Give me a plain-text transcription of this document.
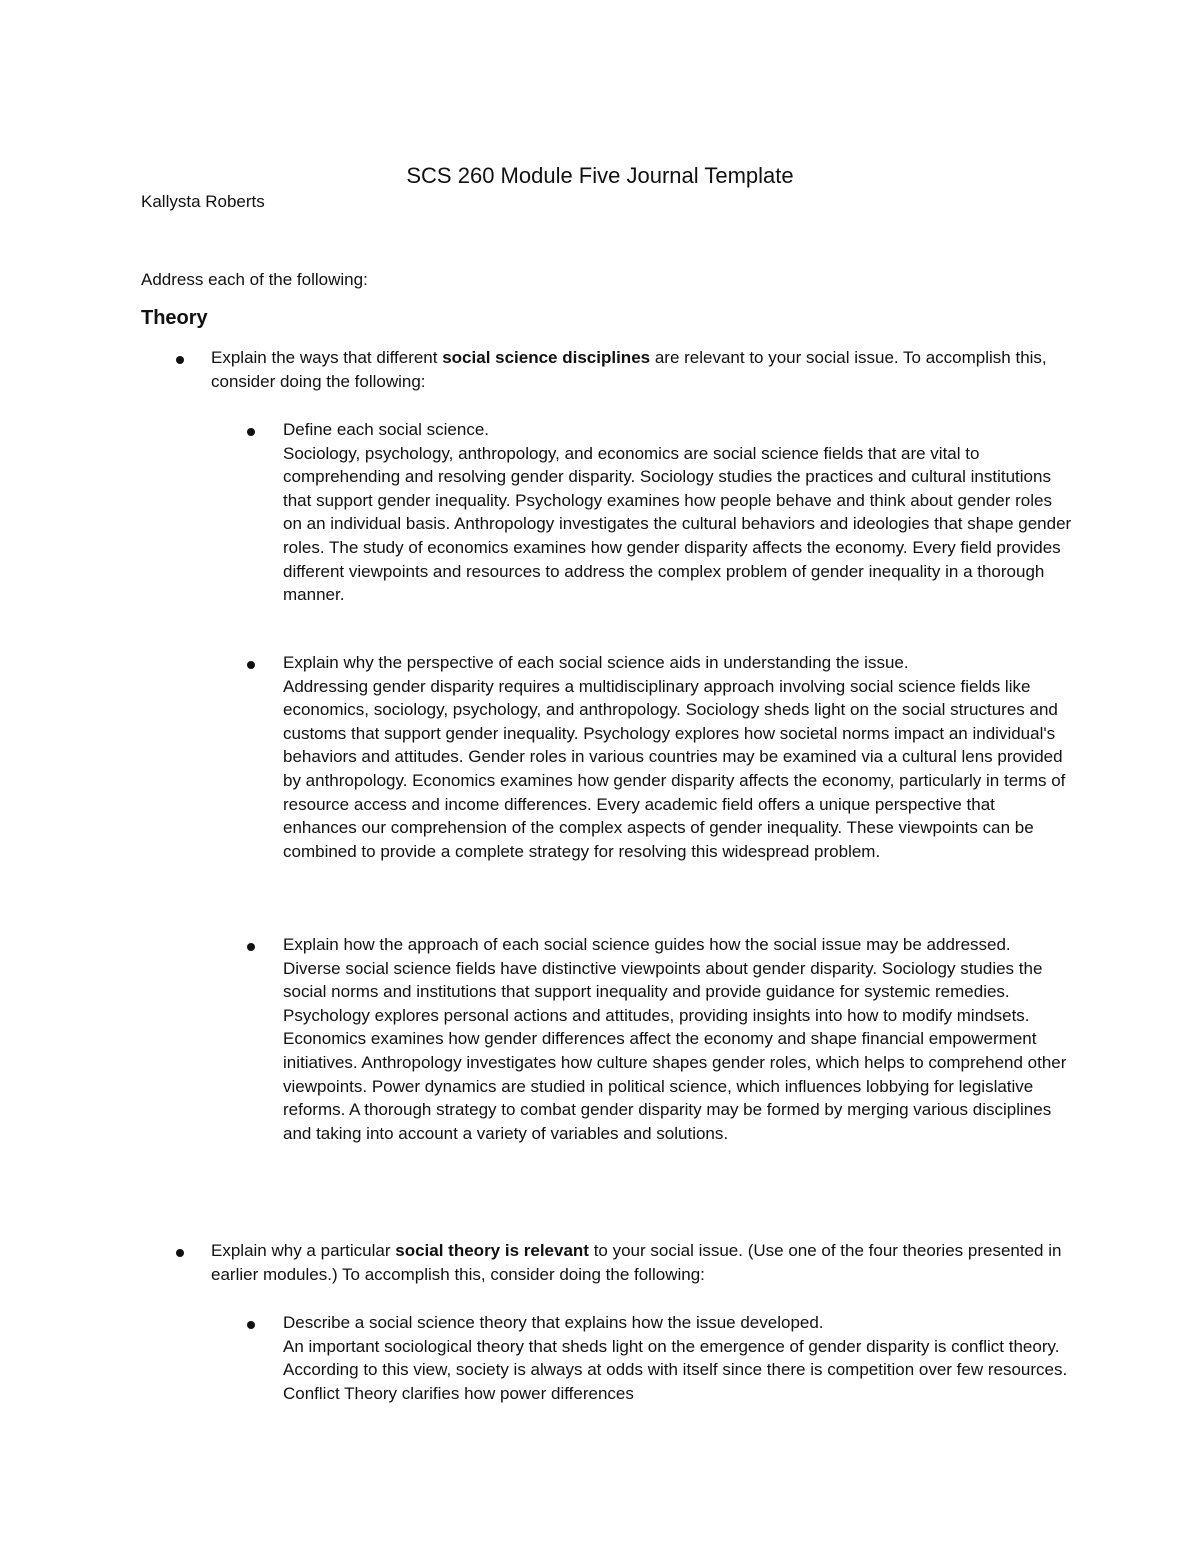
SCS 260 Module Five Journal Template
Kallysta Roberts
Address each of the following:
Theory

Explain the ways that different social science disciplines are relevant to your social issue. To accomplish this, consider doing the following:

Define each social science.

Sociology, psychology, anthropology, and economics are social science fields that are vital to comprehending and resolving gender disparity. Sociology studies the practices and cultural institutions that support gender inequality. Psychology examines how people behave and think about gender roles on an individual basis. Anthropology investigates the cultural behaviors and ideologies that shape gender roles. The study of economics examines how gender disparity affects the economy. Every field provides different viewpoints and resources to address the complex problem of gender inequality in a thorough manner.

Explain why the perspective of each social science aids in understanding the issue.

Addressing gender disparity requires a multidisciplinary approach involving social science fields like economics, sociology, psychology, and anthropology. Sociology sheds light on the social structures and customs that support gender inequality. Psychology explores how societal norms impact an individual's behaviors and attitudes. Gender roles in various countries may be examined via a cultural lens provided by anthropology. Economics examines how gender disparity affects the economy, particularly in terms of resource access and income differences. Every academic field offers a unique perspective that enhances our comprehension of the complex aspects of gender inequality. These viewpoints can be combined to provide a complete strategy for resolving this widespread problem.

Explain how the approach of each social science guides how the social issue may be addressed.

Diverse social science fields have distinctive viewpoints about gender disparity. Sociology studies the social norms and institutions that support inequality and provide guidance for systemic remedies. Psychology explores personal actions and attitudes, providing insights into how to modify mindsets. Economics examines how gender differences affect the economy and shape financial empowerment initiatives. Anthropology investigates how culture shapes gender roles, which helps to comprehend other viewpoints. Power dynamics are studied in political science, which influences lobbying for legislative reforms. A thorough strategy to combat gender disparity may be formed by merging various disciplines and taking into account a variety of variables and solutions.

Explain why a particular social theory is relevant to your social issue. (Use one of the four theories presented in earlier modules.) To accomplish this, consider doing the following:

Describe a social science theory that explains how the issue developed.

An important sociological theory that sheds light on the emergence of gender disparity is conflict theory. According to this view, society is always at odds with itself since there is competition over few resources. Conflict Theory clarifies how power differences
